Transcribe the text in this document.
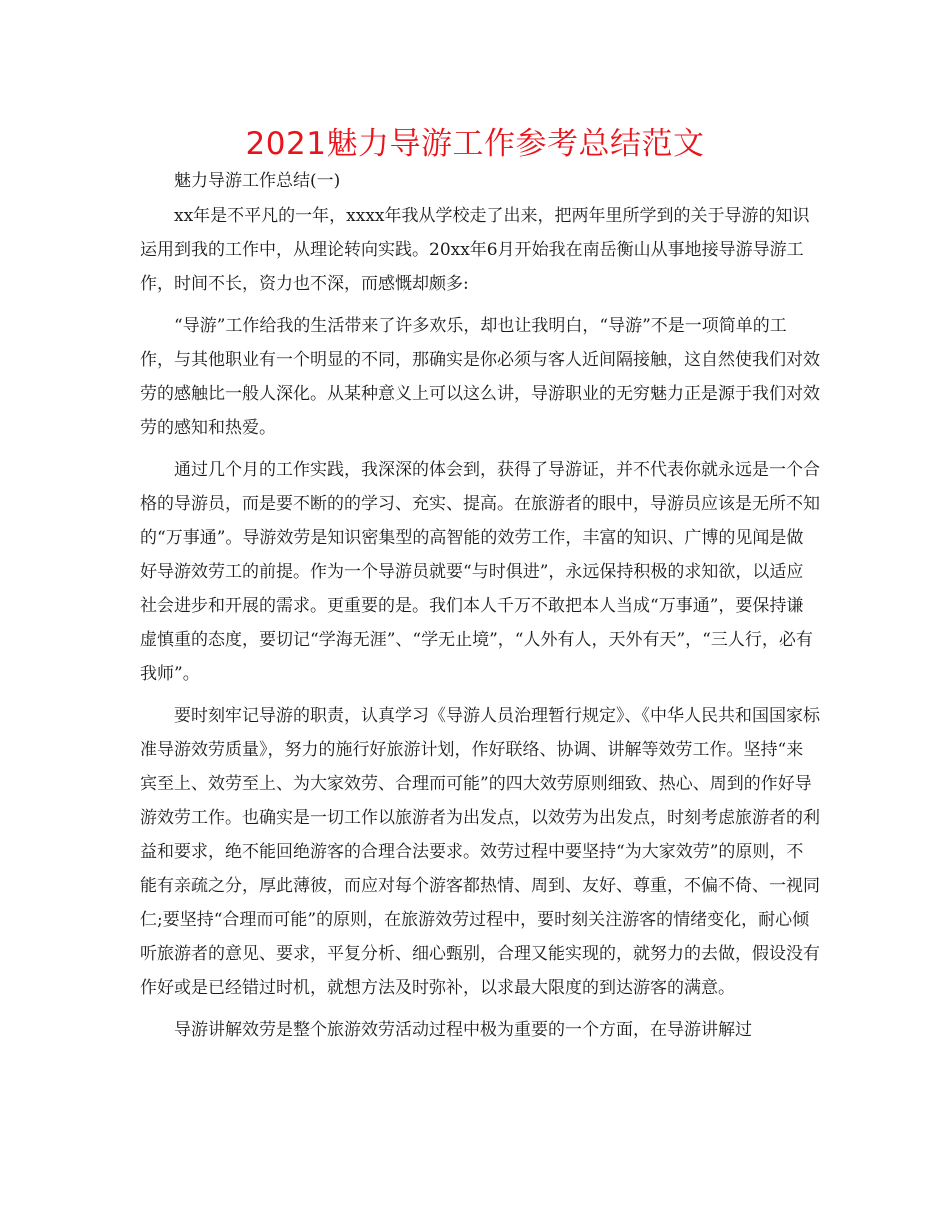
2021魅力导游工作参考总结范文

魅力导游工作总结(一)

xx年是不平凡的一年，xxxx年我从学校走了出来，把两年里所学到的关于导游的知识运用到我的工作中，从理论转向实践。20xx年6月开始我在南岳衡山从事地接导游导游工作，时间不长，资力也不深，而感慨却颇多:

“导游”工作给我的生活带来了许多欢乐，却也让我明白，“导游”不是一项简单的工作，与其他职业有一个明显的不同，那确实是你必须与客人近间隔接触，这自然使我们对效劳的感触比一般人深化。从某种意义上可以这么讲，导游职业的无穷魅力正是源于我们对效劳的感知和热爱。

通过几个月的工作实践，我深深的体会到，获得了导游证，并不代表你就永远是一个合格的导游员，而是要不断的的学习、充实、提高。在旅游者的眼中，导游员应该是无所不知的“万事通”。导游效劳是知识密集型的高智能的效劳工作，丰富的知识、广博的见闻是做好导游效劳工的前提。作为一个导游员就要“与时俱进”，永远保持积极的求知欲，以适应社会进步和开展的需求。更重要的是。我们本人千万不敢把本人当成“万事通”，要保持谦虚慎重的态度，要切记“学海无涯”、“学无止境”，“人外有人，天外有天”，“三人行，必有我师”。

要时刻牢记导游的职责，认真学习《导游人员治理暂行规定》、《中华人民共和国国家标准导游效劳质量》，努力的施行好旅游计划，作好联络、协调、讲解等效劳工作。坚持“来宾至上、效劳至上、为大家效劳、合理而可能”的四大效劳原则细致、热心、周到的作好导游效劳工作。也确实是一切工作以旅游者为出发点，以效劳为出发点，时刻考虑旅游者的利益和要求，绝不能回绝游客的合理合法要求。效劳过程中要坚持“为大家效劳”的原则，不能有亲疏之分，厚此薄彼，而应对每个游客都热情、周到、友好、尊重，不偏不倚、一视同仁;要坚持“合理而可能”的原则，在旅游效劳过程中，要时刻关注游客的情绪变化，耐心倾听旅游者的意见、要求，平复分析、细心甄别，合理又能实现的，就努力的去做，假设没有作好或是已经错过时机，就想方法及时弥补，以求最大限度的到达游客的满意。

导游讲解效劳是整个旅游效劳活动过程中极为重要的一个方面，在导游讲解过
